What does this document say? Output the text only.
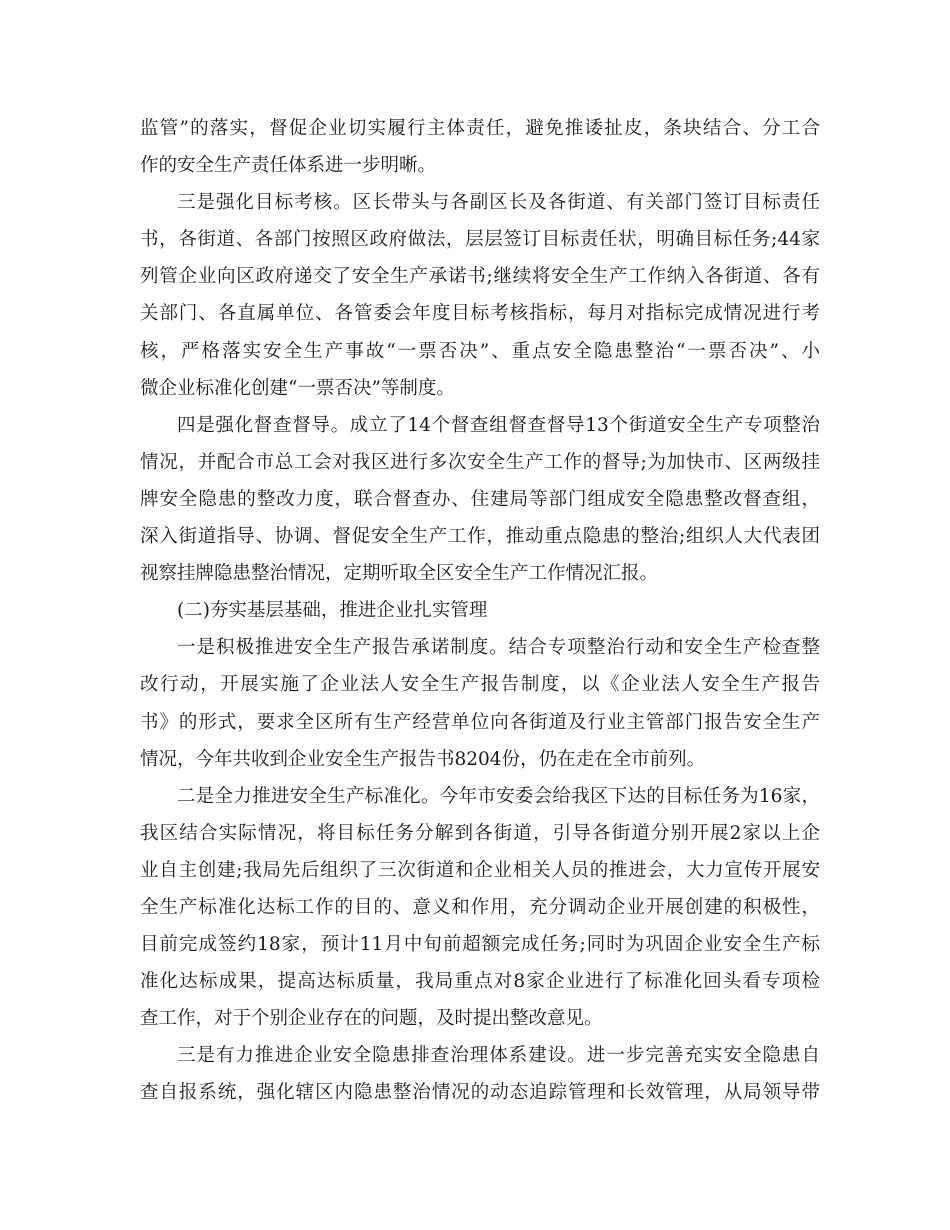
监管”的落实，督促企业切实履行主体责任，避免推诿扯皮，条块结合、分工合
作的安全生产责任体系进一步明晰。
三是强化目标考核。区长带头与各副区长及各街道、有关部门签订目标责任
书，各街道、各部门按照区政府做法，层层签订目标责任状，明确目标任务;44家
列管企业向区政府递交了安全生产承诺书;继续将安全生产工作纳入各街道、各有
关部门、各直属单位、各管委会年度目标考核指标，每月对指标完成情况进行考
核，严格落实安全生产事故“一票否决”、重点安全隐患整治“一票否决”、小
微企业标准化创建“一票否决”等制度。
四是强化督查督导。成立了14个督查组督查督导13个街道安全生产专项整治
情况，并配合市总工会对我区进行多次安全生产工作的督导;为加快市、区两级挂
牌安全隐患的整改力度，联合督查办、住建局等部门组成安全隐患整改督查组，
深入街道指导、协调、督促安全生产工作，推动重点隐患的整治;组织人大代表团
视察挂牌隐患整治情况，定期听取全区安全生产工作情况汇报。
(二)夯实基层基础，推进企业扎实管理
一是积极推进安全生产报告承诺制度。结合专项整治行动和安全生产检查整
改行动，开展实施了企业法人安全生产报告制度，以《企业法人安全生产报告
书》的形式，要求全区所有生产经营单位向各街道及行业主管部门报告安全生产
情况，今年共收到企业安全生产报告书8204份，仍在走在全市前列。
二是全力推进安全生产标准化。今年市安委会给我区下达的目标任务为16家，
我区结合实际情况，将目标任务分解到各街道，引导各街道分别开展2家以上企
业自主创建;我局先后组织了三次街道和企业相关人员的推进会，大力宣传开展安
全生产标准化达标工作的目的、意义和作用，充分调动企业开展创建的积极性，
目前完成签约18家，预计11月中旬前超额完成任务;同时为巩固企业安全生产标
准化达标成果，提高达标质量，我局重点对8家企业进行了标准化回头看专项检
查工作，对于个别企业存在的问题，及时提出整改意见。
三是有力推进企业安全隐患排查治理体系建设。进一步完善充实安全隐患自
查自报系统，强化辖区内隐患整治情况的动态追踪管理和长效管理，从局领导带
